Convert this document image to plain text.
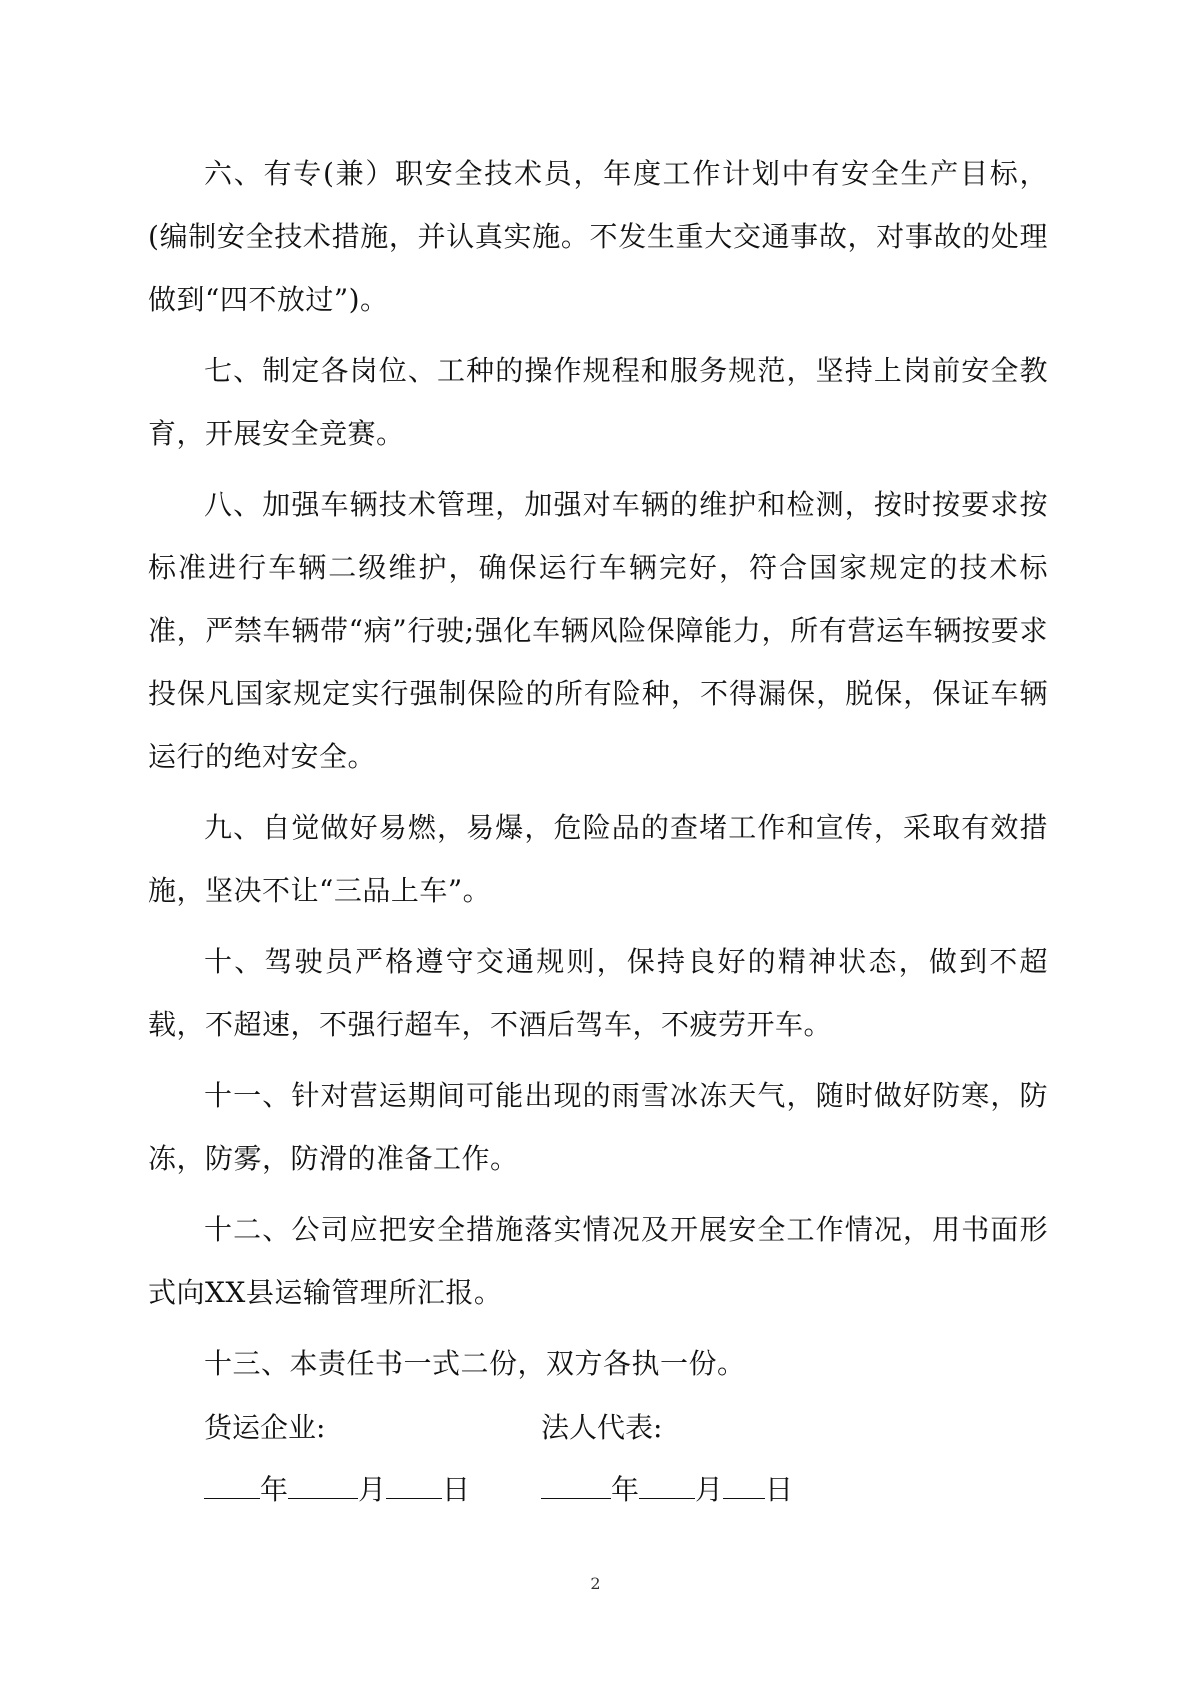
六、有专(兼）职安全技术员，年度工作计划中有安全生产目标，(编制安全技术措施，并认真实施。不发生重大交通事故，对事故的处理做到“四不放过”)。

七、制定各岗位、工种的操作规程和服务规范，坚持上岗前安全教育，开展安全竞赛。

八、加强车辆技术管理，加强对车辆的维护和检测，按时按要求按标准进行车辆二级维护，确保运行车辆完好，符合国家规定的技术标准，严禁车辆带“病”行驶;强化车辆风险保障能力，所有营运车辆按要求投保凡国家规定实行强制保险的所有险种，不得漏保，脱保，保证车辆运行的绝对安全。

九、自觉做好易燃，易爆，危险品的查堵工作和宣传，采取有效措施，坚决不让“三品上车”。

十、驾驶员严格遵守交通规则，保持良好的精神状态，做到不超载，不超速，不强行超车，不酒后驾车，不疲劳开车。

十一、针对营运期间可能出现的雨雪冰冻天气，随时做好防寒，防冻，防雾，防滑的准备工作。

十二、公司应把安全措施落实情况及开展安全工作情况，用书面形式向XX县运输管理所汇报。

十三、本责任书一式二份，双方各执一份。

货运企业:	法人代表:
年	月 日	年 月 日
2
